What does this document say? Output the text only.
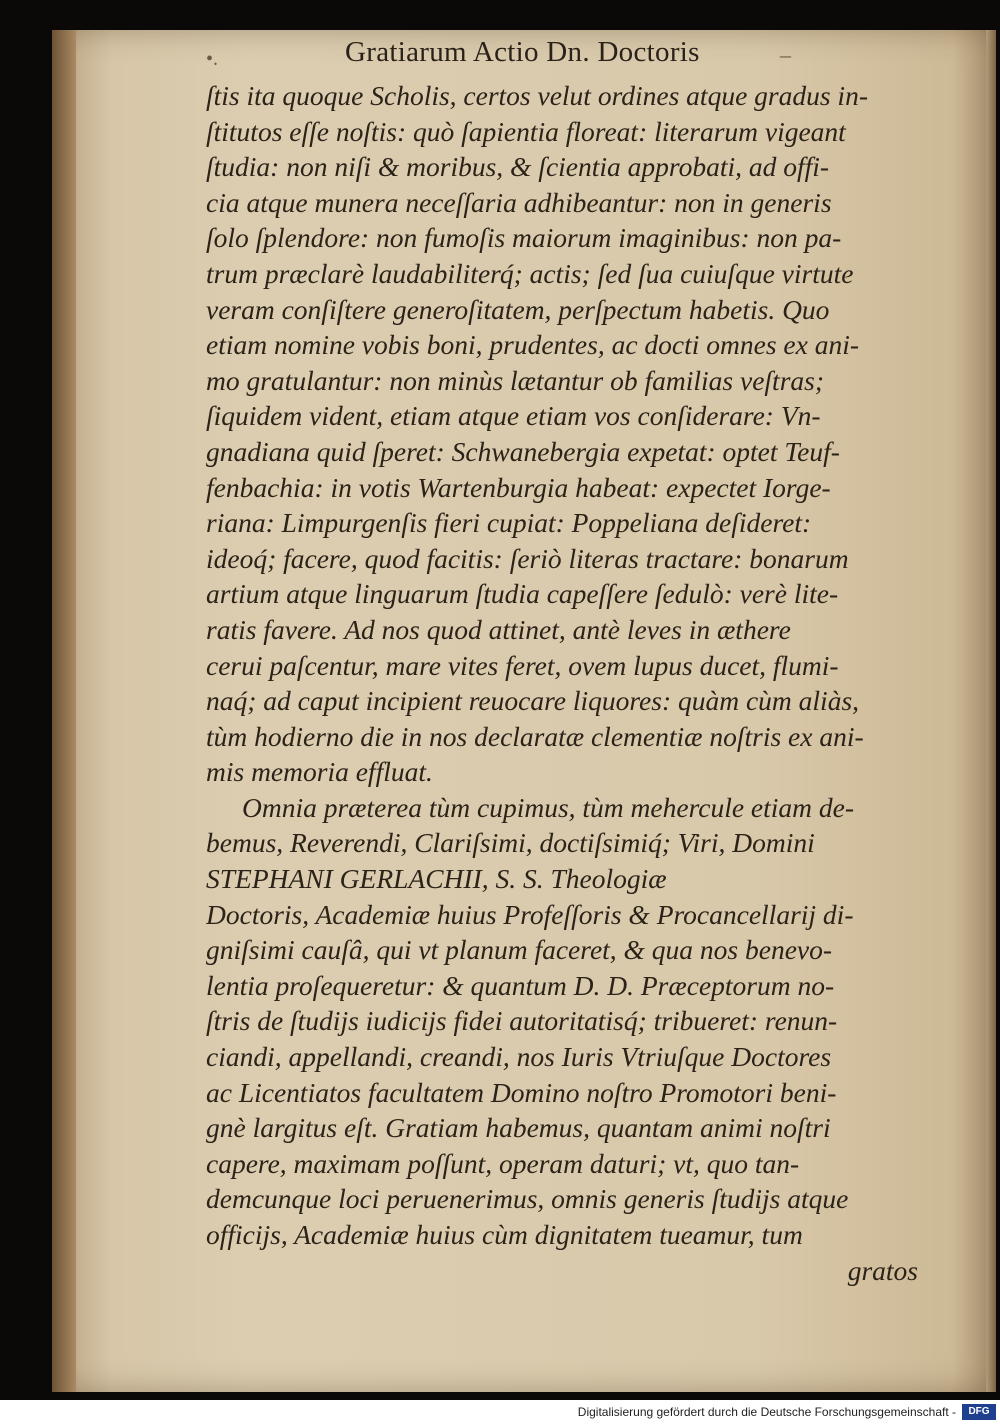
•.	Gratiarum Actio Dn. Doctoris	–
ſtis ita quoque Scholis, certos velut ordines atque gradus in-
ſtitutos eſſe noſtis: quò ſapientia floreat: literarum vigeant
ſtudia: non niſi & moribus, & ſcientia approbati, ad offi-
cia atque munera neceſſaria adhibeantur: non in generis
ſolo ſplendore: non fumoſis maiorum imaginibus: non pa-
trum præclarè laudabiliterq́; actis; ſed ſua cuiuſque virtute
veram conſiſtere generoſitatem, perſpectum habetis. Quo
etiam nomine vobis boni, prudentes, ac docti omnes ex ani-
mo gratulantur: non minùs lætantur ob familias veſtras;
ſiquidem vident, etiam atque etiam vos conſiderare: Vn-
gnadiana quid ſperet: Schwanebergia expetat: optet Teuf-
fenbachia: in votis Wartenburgia habeat: expectet Iorge-
riana: Limpurgenſis fieri cupiat: Poppeliana deſideret:
ideoq́; facere, quod facitis: ſeriò literas tractare: bonarum
artium atque linguarum ſtudia capeſſere ſedulò: verè lite-
ratis favere. Ad nos quod attinet, antè leves in æthere
cerui paſcentur, mare vites feret, ovem lupus ducet, flumi-
naq́; ad caput incipient reuocare liquores: quàm cùm aliàs,
tùm hodierno die in nos declaratæ clementiæ noſtris ex ani-
mis memoria effluat.
Omnia præterea tùm cupimus, tùm mehercule etiam de-
bemus, Reverendi, Clariſsimi, doctiſsimiq́; Viri, Domini
STEPHANI GERLACHII, S. S. Theologiæ
Doctoris, Academiæ huius Profeſſoris & Procancellarij di-
gniſsimi cauſâ, qui vt planum faceret, & qua nos benevo-
lentia proſequeretur: & quantum D. D. Præceptorum no-
ſtris de ſtudijs iudicijs fidei autoritatisq́; tribueret: renun-
ciandi, appellandi, creandi, nos Iuris Vtriuſque Doctores
ac Licentiatos facultatem Domino noſtro Promotori beni-
gnè largitus eſt. Gratiam habemus, quantam animi noſtri
capere, maximam poſſunt, operam daturi; vt, quo tan-
demcunque loci peruenerimus, omnis generis ſtudijs atque
officijs, Academiæ huius cùm dignitatem tueamur, tum
gratos
Digitalisierung gefördert durch die Deutsche Forschungsgemeinschaft -	DFG
